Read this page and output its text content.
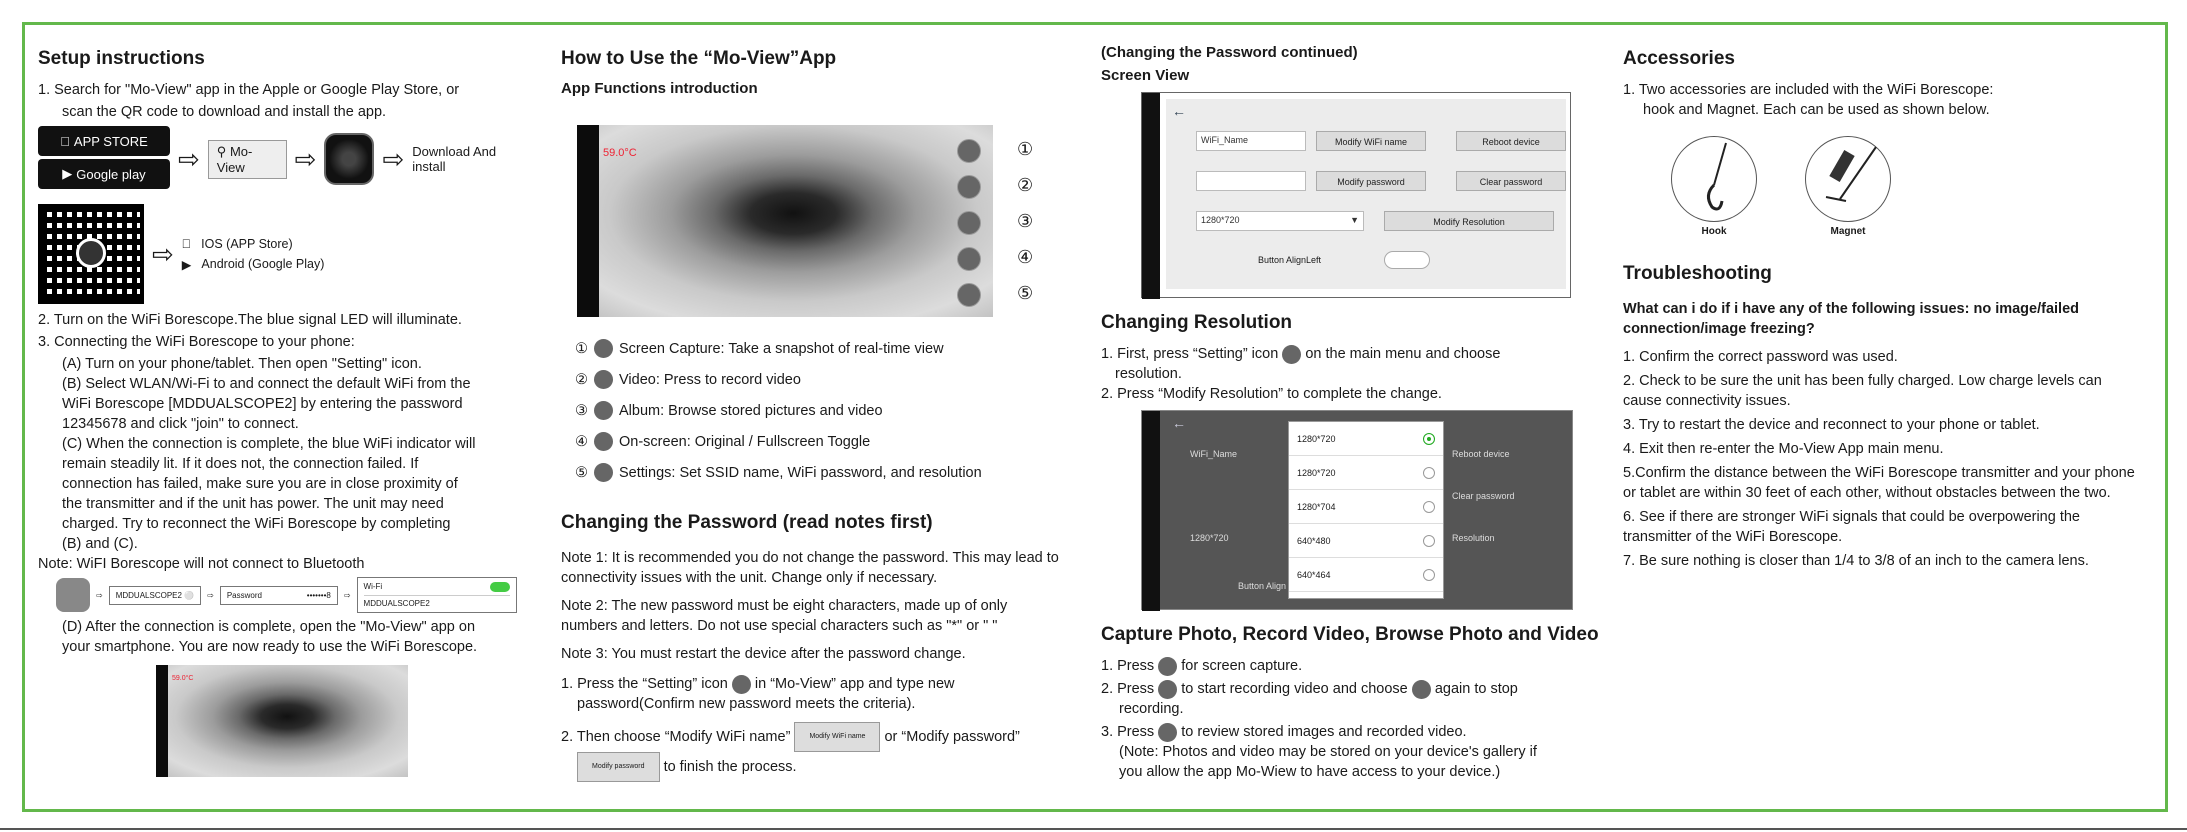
Setup instructions

1. Search for "Mo-View" app in the Apple or Google Play Store, or

scan the QR code to download and install the app.

APP STORE
▶ Google play ⇨	⚲ Mo-View	⇨	⇨ Download And install
⇨ IOS (APP Store)
▶ Android (Google Play)

2. Turn on the WiFi Borescope.The blue signal LED will illuminate.

3. Connecting the WiFi Borescope to your phone:

(A) Turn on your phone/tablet. Then open "Setting" icon.

(B) Select WLAN/Wi-Fi to and connect the default WiFi from the

WiFi Borescope [MDDUALSCOPE2] by entering the password

12345678 and click "join" to connect.

(C) When the connection is complete, the blue WiFi indicator will

remain steadily lit. If it does not, the connection failed. If

connection has failed, make sure you are in close proximity of

the transmitter and if the unit has power. The unit may need

charged. Try to reconnect the WiFi Borescope by completing

(B) and (C).

Note: WiFI Borescope will not connect to Bluetooth

⇨	MDDUALSCOPE2 ⚪	⇨ Password	•••••••8 ⇨
Wi-Fi
MDDUALSCOPE2

(D) After the connection is complete, open the "Mo-View" app on

your smartphone. You are now ready to use the WiFi Borescope.

59.0°C
How to Use the “Mo-View”App
App Functions introduction
59.0°C	①
②
③
④
⑤
① Screen Capture: Take a snapshot of real-time view
② Video: Press to record video
③ Album: Browse stored pictures and video
④ On-screen: Original / Fullscreen Toggle
⑤ Settings: Set SSID name, WiFi password, and resolution
Changing the Password (read notes first)

Note 1: It is recommended you do not change the password. This may lead to connectivity issues with the unit. Change only if necessary.

Note 2: The new password must be eight characters, made up of only numbers and letters. Do not use special characters such as "*" or " "

Note 3: You must restart the device after the password change.

1. Press the “Setting” icon in “Mo-View” app and type new

password(Confirm new password meets the criteria).

2. Then choose “Modify WiFi name”	Modify WiFi name or “Modify password”

Modify password to finish the process.

(Changing the Password continued)
Screen View
←
WiFi_Name	Modify WiFi name	Reboot device
Modify password	Clear password
1280*720	▼	Modify Resolution
Button AlignLeft
Changing Resolution

1. First, press “Setting” icon on the main menu and choose

resolution.

2. Press “Modify Resolution” to complete the change.

←
WiFi_Name	Reboot device
Clear password
1280*720	Resolution
Button Align
1280*720
1280*720
1280*704
640*480
640*464
Capture Photo, Record Video, Browse Photo and Video

1. Press for screen capture.

2. Press to start recording video and choose again to stop

recording.

3. Press to review stored images and recorded video.

(Note: Photos and video may be stored on your device's gallery if

you allow the app Mo-Wiew to have access to your device.)

Accessories

1. Two accessories are included with the WiFi Borescope:

hook and Magnet. Each can be used as shown below.

Hook	Magnet
Troubleshooting

What can i do if i have any of the following issues: no image/failed connection/image freezing?

1. Confirm the correct password was used.
2. Check to be sure the unit has been fully charged. Low charge levels can cause connectivity issues.
3. Try to restart the device and reconnect to your phone or tablet.
4. Exit then re-enter the Mo-View App main menu.
5.Confirm the distance between the WiFi Borescope transmitter and your phone or tablet are within 30 feet of each other, without obstacles between the two.
6. See if there are stronger WiFi signals that could be overpowering the transmitter of the WiFi Borescope.
7. Be sure nothing is closer than 1/4 to 3/8 of an inch to the camera lens.
